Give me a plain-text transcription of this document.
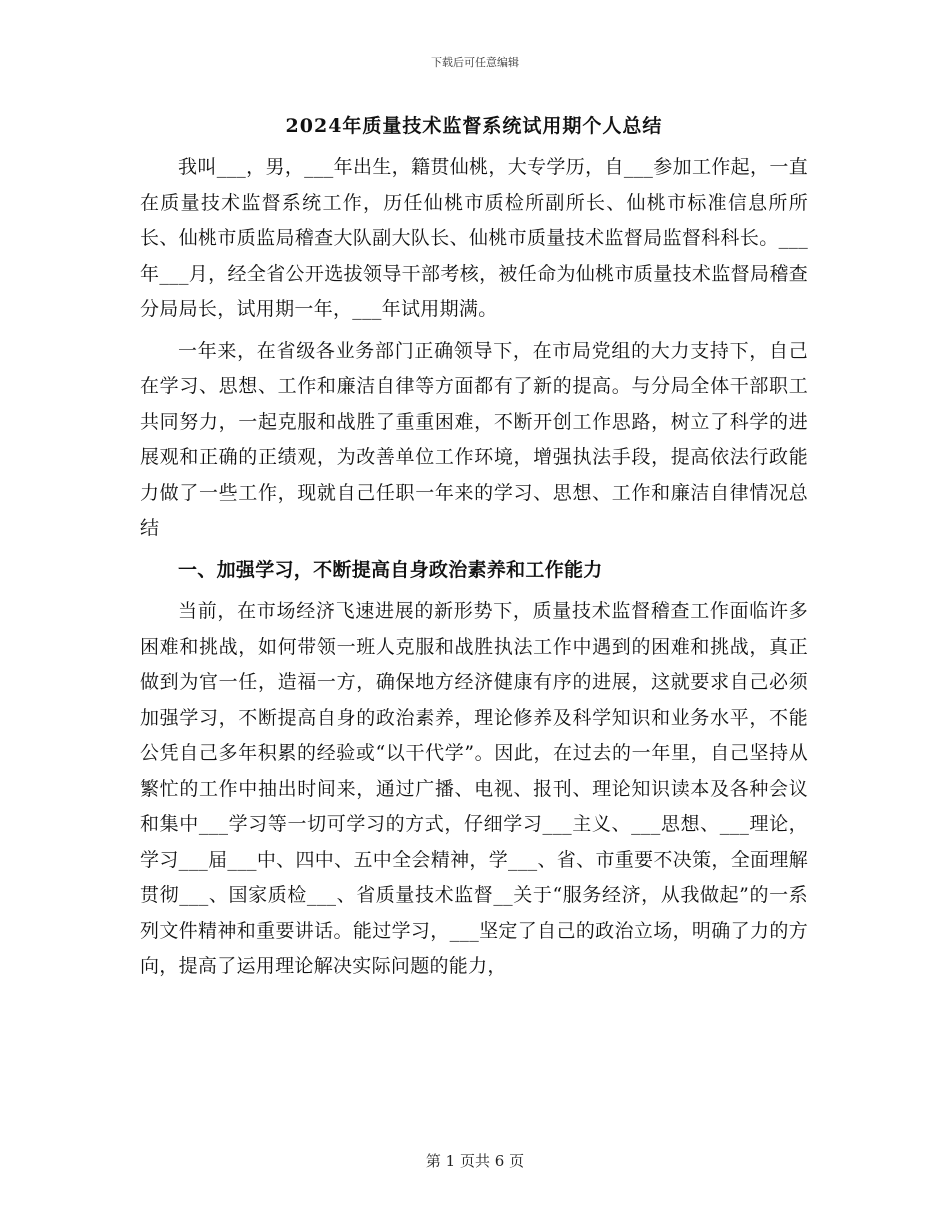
下载后可任意编辑
2024年质量技术监督系统试用期个人总结

我叫___，男，___年出生，籍贯仙桃，大专学历，自___参加工作起，一直在质量技术监督系统工作，历任仙桃市质检所副所长、仙桃市标准信息所所长、仙桃市质监局稽查大队副大队长、仙桃市质量技术监督局监督科科长。___年___月，经全省公开选拔领导干部考核，被任命为仙桃市质量技术监督局稽查分局局长，试用期一年，___年试用期满。

一年来，在省级各业务部门正确领导下，在市局党组的大力支持下，自己在学习、思想、工作和廉洁自律等方面都有了新的提高。与分局全体干部职工共同努力，一起克服和战胜了重重困难，不断开创工作思路，树立了科学的进展观和正确的正绩观，为改善单位工作环境，增强执法手段，提高依法行政能力做了一些工作，现就自己任职一年来的学习、思想、工作和廉洁自律情况总结

一、加强学习，不断提高自身政治素养和工作能力

当前，在市场经济飞速进展的新形势下，质量技术监督稽查工作面临许多困难和挑战，如何带领一班人克服和战胜执法工作中遇到的困难和挑战，真正做到为官一任，造福一方，确保地方经济健康有序的进展，这就要求自己必须加强学习，不断提高自身的政治素养，理论修养及科学知识和业务水平，不能公凭自己多年积累的经验或“以干代学”。因此，在过去的一年里，自己坚持从繁忙的工作中抽出时间来，通过广播、电视、报刊、理论知识读本及各种会议和集中___学习等一切可学习的方式，仔细学习___主义、___思想、___理论，学习___届___中、四中、五中全会精神，学___、省、市重要不决策，全面理解贯彻___、国家质检___、省质量技术监督__关于“服务经济，从我做起”的一系列文件精神和重要讲话。能过学习，___坚定了自己的政治立场，明确了力的方向，提高了运用理论解决实际问题的能力，

第 1 页共 6 页
